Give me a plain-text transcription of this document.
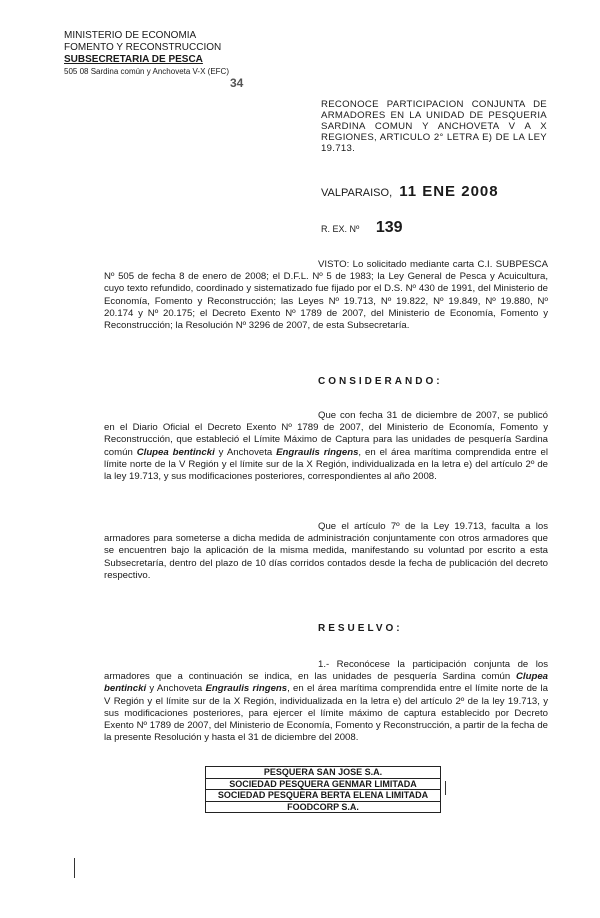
MINISTERIO DE ECONOMIA
FOMENTO Y RECONSTRUCCION
SUBSECRETARIA DE PESCA
505 08 Sardina común y Anchoveta V-X (EFC)
34
RECONOCE PARTICIPACION CONJUNTA DE ARMADORES EN LA UNIDAD DE PESQUERIA SARDINA COMUN Y ANCHOVETA V A X REGIONES, ARTICULO 2° LETRA E) DE LA LEY 19.713.
VALPARAISO, 11 ENE 2008
R. EX. Nº 139
VISTO: Lo solicitado mediante carta C.I. SUBPESCA Nº 505 de fecha 8 de enero de 2008; el D.F.L. Nº 5 de 1983; la Ley General de Pesca y Acuicultura, cuyo texto refundido, coordinado y sistematizado fue fijado por el D.S. Nº 430 de 1991, del Ministerio de Economía, Fomento y Reconstrucción; las Leyes Nº 19.713, Nº 19.822, Nº 19.849, Nº 19.880, Nº 20.174 y Nº 20.175; el Decreto Exento Nº 1789 de 2007, del Ministerio de Economía, Fomento y Reconstrucción; la Resolución Nº 3296 de 2007, de esta Subsecretaría.
CONSIDERANDO:
Que con fecha 31 de diciembre de 2007, se publicó en el Diario Oficial el Decreto Exento Nº 1789 de 2007, del Ministerio de Economía, Fomento y Reconstrucción, que estableció el Límite Máximo de Captura para las unidades de pesquería Sardina común Clupea bentincki y Anchoveta Engraulis ringens, en el área marítima comprendida entre el límite norte de la V Región y el límite sur de la X Región, individualizada en la letra e) del artículo 2º de la ley 19.713, y sus modificaciones posteriores, correspondientes al año 2008.
Que el artículo 7º de la Ley 19.713, faculta a los armadores para someterse a dicha medida de administración conjuntamente con otros armadores que se encuentren bajo la aplicación de la misma medida, manifestando su voluntad por escrito a esta Subsecretaría, dentro del plazo de 10 días corridos contados desde la fecha de publicación del decreto respectivo.
RESUELVO:
1.- Reconócese la participación conjunta de los armadores que a continuación se indica, en las unidades de pesquería Sardina común Clupea bentincki y Anchoveta Engraulis ringens, en el área marítima comprendida entre el límite norte de la V Región y el límite sur de la X Región, individualizada en la letra e) del artículo 2º de la ley 19.713, y sus modificaciones posteriores, para ejercer el límite máximo de captura establecido por Decreto Exento Nº 1789 de 2007, del Ministerio de Economía, Fomento y Reconstrucción, a partir de la fecha de la presente Resolución y hasta el 31 de diciembre del 2008.
PESQUERA SAN JOSE S.A.
SOCIEDAD PESQUERA GENMAR LIMITADA
SOCIEDAD PESQUERA BERTA ELENA LIMITADA
FOODCORP S.A.
